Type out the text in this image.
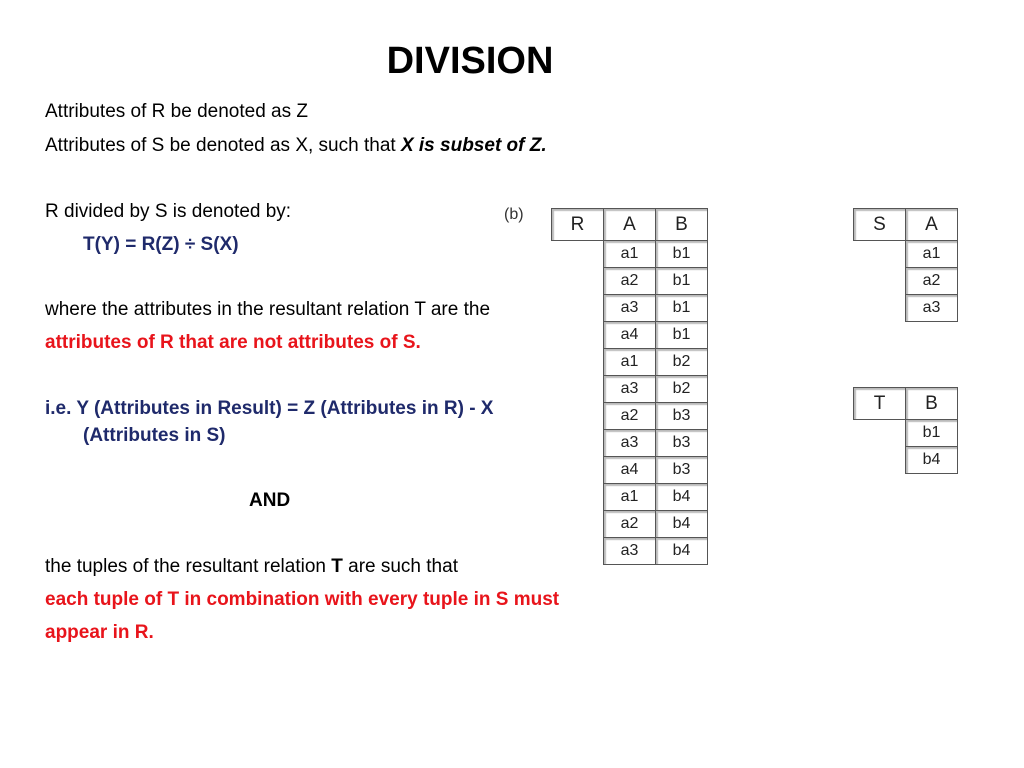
DIVISION
Attributes of R be denoted as Z
Attributes of S be denoted as X, such that X is subset of Z.
R divided by S is denoted by:
T(Y) = R(Z) ÷ S(X)
where the attributes in the resultant relation T are the
attributes of R that are not attributes of S.
i.e. Y (Attributes in Result) = Z (Attributes in R) - X
(Attributes in S)
AND
the tuples of the resultant relation T are such that
each tuple of T in combination with every tuple in S must
appear in R.
(b) R	A	B
	a1	b1
	a2	b1
	a3	b1
	a4	b1
	a1	b2
	a3	b2
	a2	b3
	a3	b3
	a4	b3
	a1	b4
	a2	b4
	a3	b4
S	A
	a1
	a2
	a3
T	B
	b1
	b4
